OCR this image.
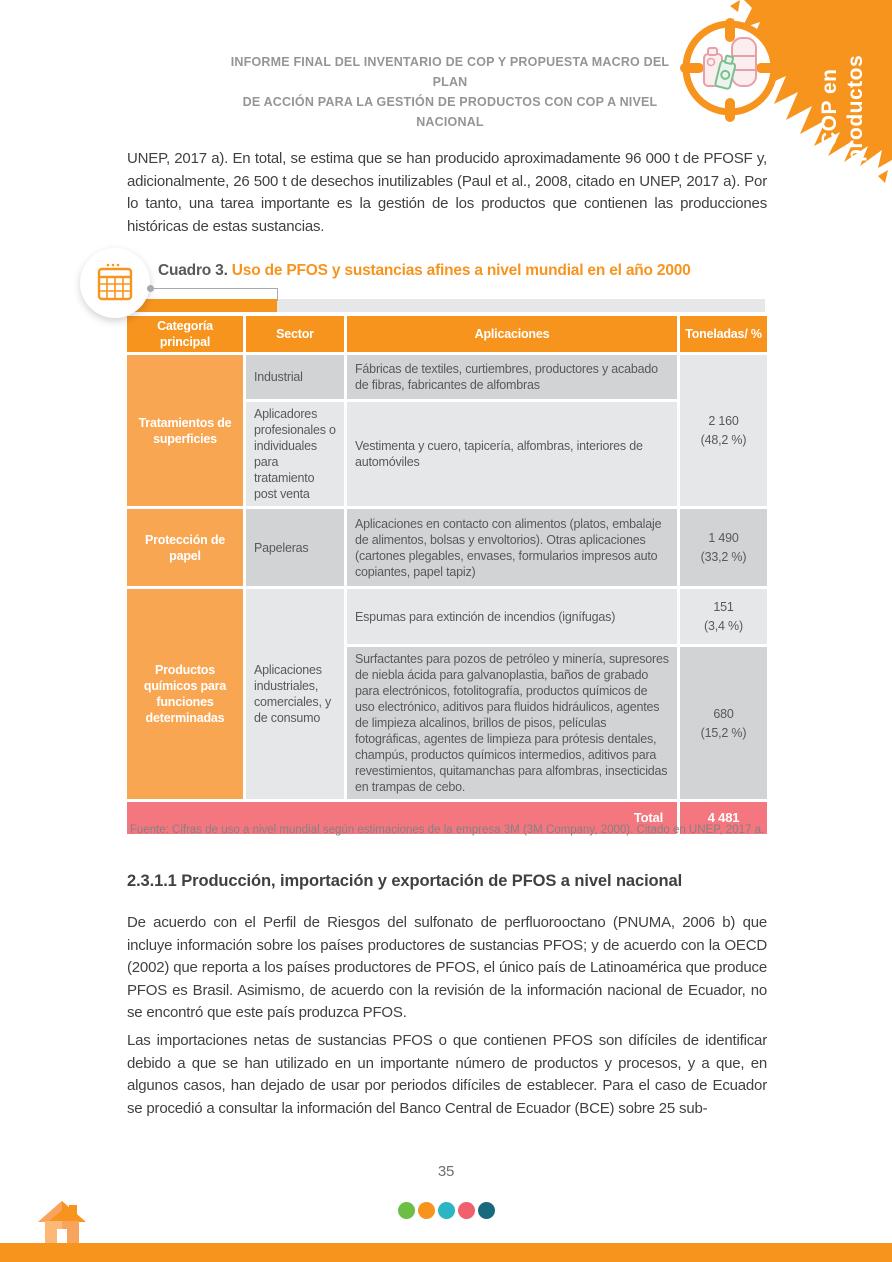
COP en productos
INFORME FINAL DEL INVENTARIO DE COP Y PROPUESTA MACRO DEL PLAN
DE ACCIÓN PARA LA GESTIÓN DE PRODUCTOS CON COP A NIVEL NACIONAL
UNEP, 2017 a). En total, se estima que se han producido aproximadamente 96 000 t de PFOSF y, adicionalmente, 26 500 t de desechos inutilizables (Paul et al., 2008, citado en UNEP, 2017 a). Por lo tanto, una tarea importante es la gestión de los productos que contienen las producciones históricas de estas sustancias.
Cuadro 3. Uso de PFOS y sustancias afines a nivel mundial en el año 2000
Categoría principal	Sector	Aplicaciones	Toneladas/ %
Tratamientos de superficies	Industrial	Fábricas de textiles, curtiembres, productores y acabado de fibras, fabricantes de alfombras	2 160
(48,2 %)

	Aplicadores profesionales o individuales para tratamiento post venta	Vestimenta y cuero, tapicería, alfombras, interiores de automóviles	
Protección de papel	Papeleras	Aplicaciones en contacto con alimentos (platos, embalaje de alimentos, bolsas y envoltorios). Otras aplicaciones (cartones plegables, envases, formularios impresos auto copiantes, papel tapiz)	1 490
(33,2 %)

Productos químicos para funciones determinadas	Aplicaciones industriales, comerciales, y de consumo	Espumas para extinción de incendios (ignífugas)	151
(3,4 %)

		Surfactantes para pozos de petróleo y minería, supresores de niebla ácida para galvanoplastia, baños de grabado para electrónicos, fotolitografía, productos químicos de uso electrónico, aditivos para fluidos hidráulicos, agentes de limpieza alcalinos, brillos de pisos, películas fotográficas, agentes de limpieza para prótesis dentales, champús, productos químicos intermedios, aditivos para revestimientos, quitamanchas para alfombras, insecticidas en trampas de cebo.	680
(15,2 %)

Total			4 481
Fuente: Cifras de uso a nivel mundial según estimaciones de la empresa 3M (3M Company, 2000). Citado en UNEP, 2017 a.
2.3.1.1 Producción, importación y exportación de PFOS a nivel nacional
De acuerdo con el Perfil de Riesgos del sulfonato de perfluorooctano (PNUMA, 2006 b) que incluye información sobre los países productores de sustancias PFOS; y de acuerdo con la OECD (2002) que reporta a los países productores de PFOS, el único país de Latinoamérica que produce PFOS es Brasil. Asimismo, de acuerdo con la revisión de la información nacional de Ecuador, no se encontró que este país produzca PFOS.
Las importaciones netas de sustancias PFOS o que contienen PFOS son difíciles de identificar debido a que se han utilizado en un importante número de productos y procesos, y a que, en algunos casos, han dejado de usar por periodos difíciles de establecer. Para el caso de Ecuador se procedió a consultar la información del Banco Central de Ecuador (BCE) sobre 25 sub-
35
